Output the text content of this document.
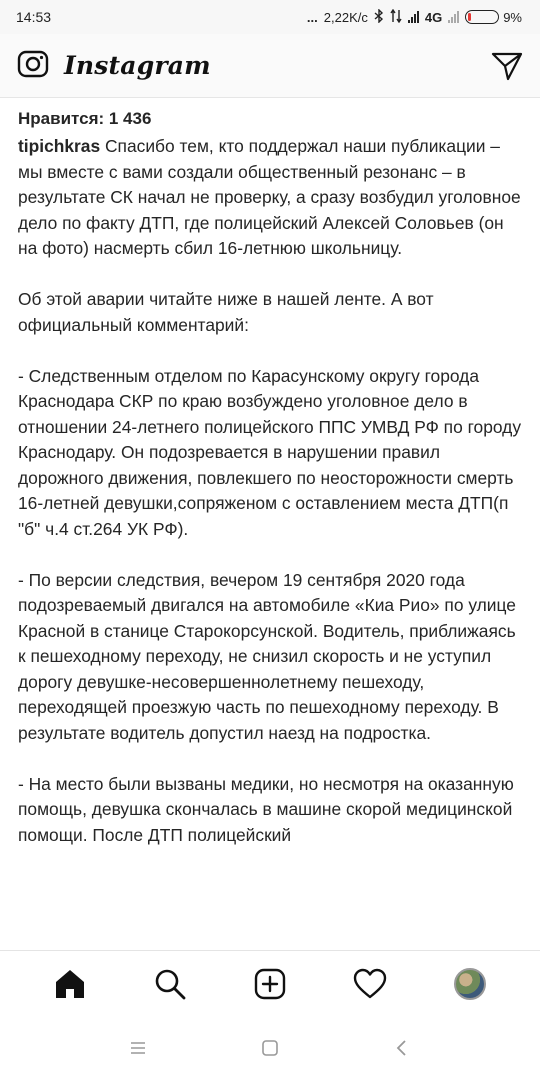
14:53	... 2,22K/c	4G	9%
Instagram
Нравится: 1 436

tipichkras Спасибо тем, кто поддержал наши публикации – мы вместе с вами создали общественный резонанс – в результате СК начал не проверку, а сразу возбудил уголовное дело по факту ДТП, где полицейский Алексей Соловьев (он на фото) насмерть сбил 16-летнюю школьницу.

Об этой аварии читайте ниже в нашей ленте. А вот официальный комментарий:

- Следственным отделом по Карасунскому округу города Краснодара СКР по краю возбуждено уголовное дело в отношении 24-летнего полицейского ППС УМВД РФ по городу Краснодару. Он подозревается в нарушении правил дорожного движения, повлекшего по неосторожности смерть 16-летней девушки,сопряженом с оставлением места ДТП(п "б" ч.4 ст.264 УК РФ).

- По версии следствия, вечером 19 сентября 2020 года подозреваемый двигался на автомобиле «Киа Рио» по улице Красной в станице Старокорсунской. Водитель, приближаясь к пешеходному переходу, не снизил скорость и не уступил дорогу девушке-несовершеннолетнему пешеходу, переходящей проезжую часть по пешеходному переходу. В результате водитель допустил наезд на подростка.

- На место были вызваны медики, но несмотря на оказанную помощь, девушка скончалась в машине скорой медицинской помощи. После ДТП полицейский
